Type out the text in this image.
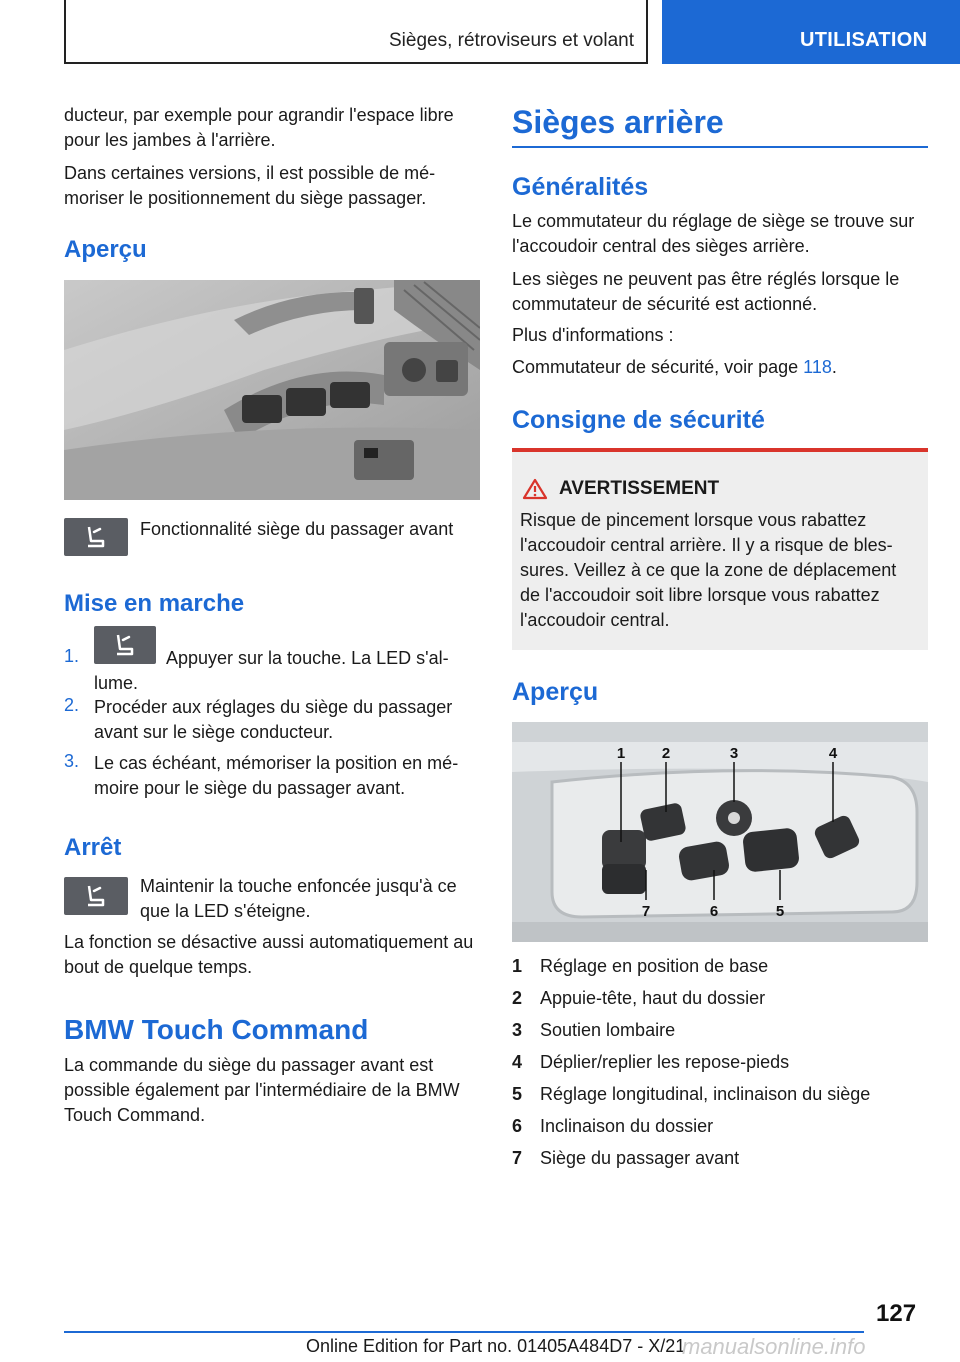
Sièges, rétroviseurs et volant	UTILISATION

ducteur, par exemple pour agrandir l'espace libre pour les jambes à l'arrière.

Dans certaines versions, il est possible de mémoriser le positionnement du siège passager.

Aperçu

Fonctionnalité siège du passager avant

Mise en marche
1.	Appuyer sur la touche. La LED s'allume.

2. Procéder aux réglages du siège du passager avant sur le siège conducteur.

3. Le cas échéant, mémoriser la position en mémoire pour le siège du passager avant.

Arrêt

Maintenir la touche enfoncée jusqu'à ce que la LED s'éteigne.

La fonction se désactive aussi automatiquement au bout de quelque temps.

BMW Touch Command

La commande du siège du passager avant est possible également par l'intermédiaire de la BMW Touch Command.

Sièges arrière
Généralités

Le commutateur du réglage de siège se trouve sur l'accoudoir central des sièges arrière.

Les sièges ne peuvent pas être réglés lorsque le commutateur de sécurité est actionné.

Plus d'informations :

Commutateur de sécurité, voir page 118.

Consigne de sécurité
AVERTISSEMENT

Risque de pincement lorsque vous rabattez l'accoudoir central arrière. Il y a risque de blessures. Veillez à ce que la zone de déplacement de l'accoudoir soit libre lorsque vous rabattez l'accoudoir central.

Aperçu
1 2	3	4
5
6
7
1 Réglage en position de base
2 Appuie-tête, haut du dossier
3 Soutien lombaire
4 Déplier/replier les repose-pieds
5 Réglage longitudinal, inclinaison du siège
6 Inclinaison du dossier
7 Siège du passager avant
127
Online Edition for Part no. 01405A484D7 - X/21
manualsonline.info
